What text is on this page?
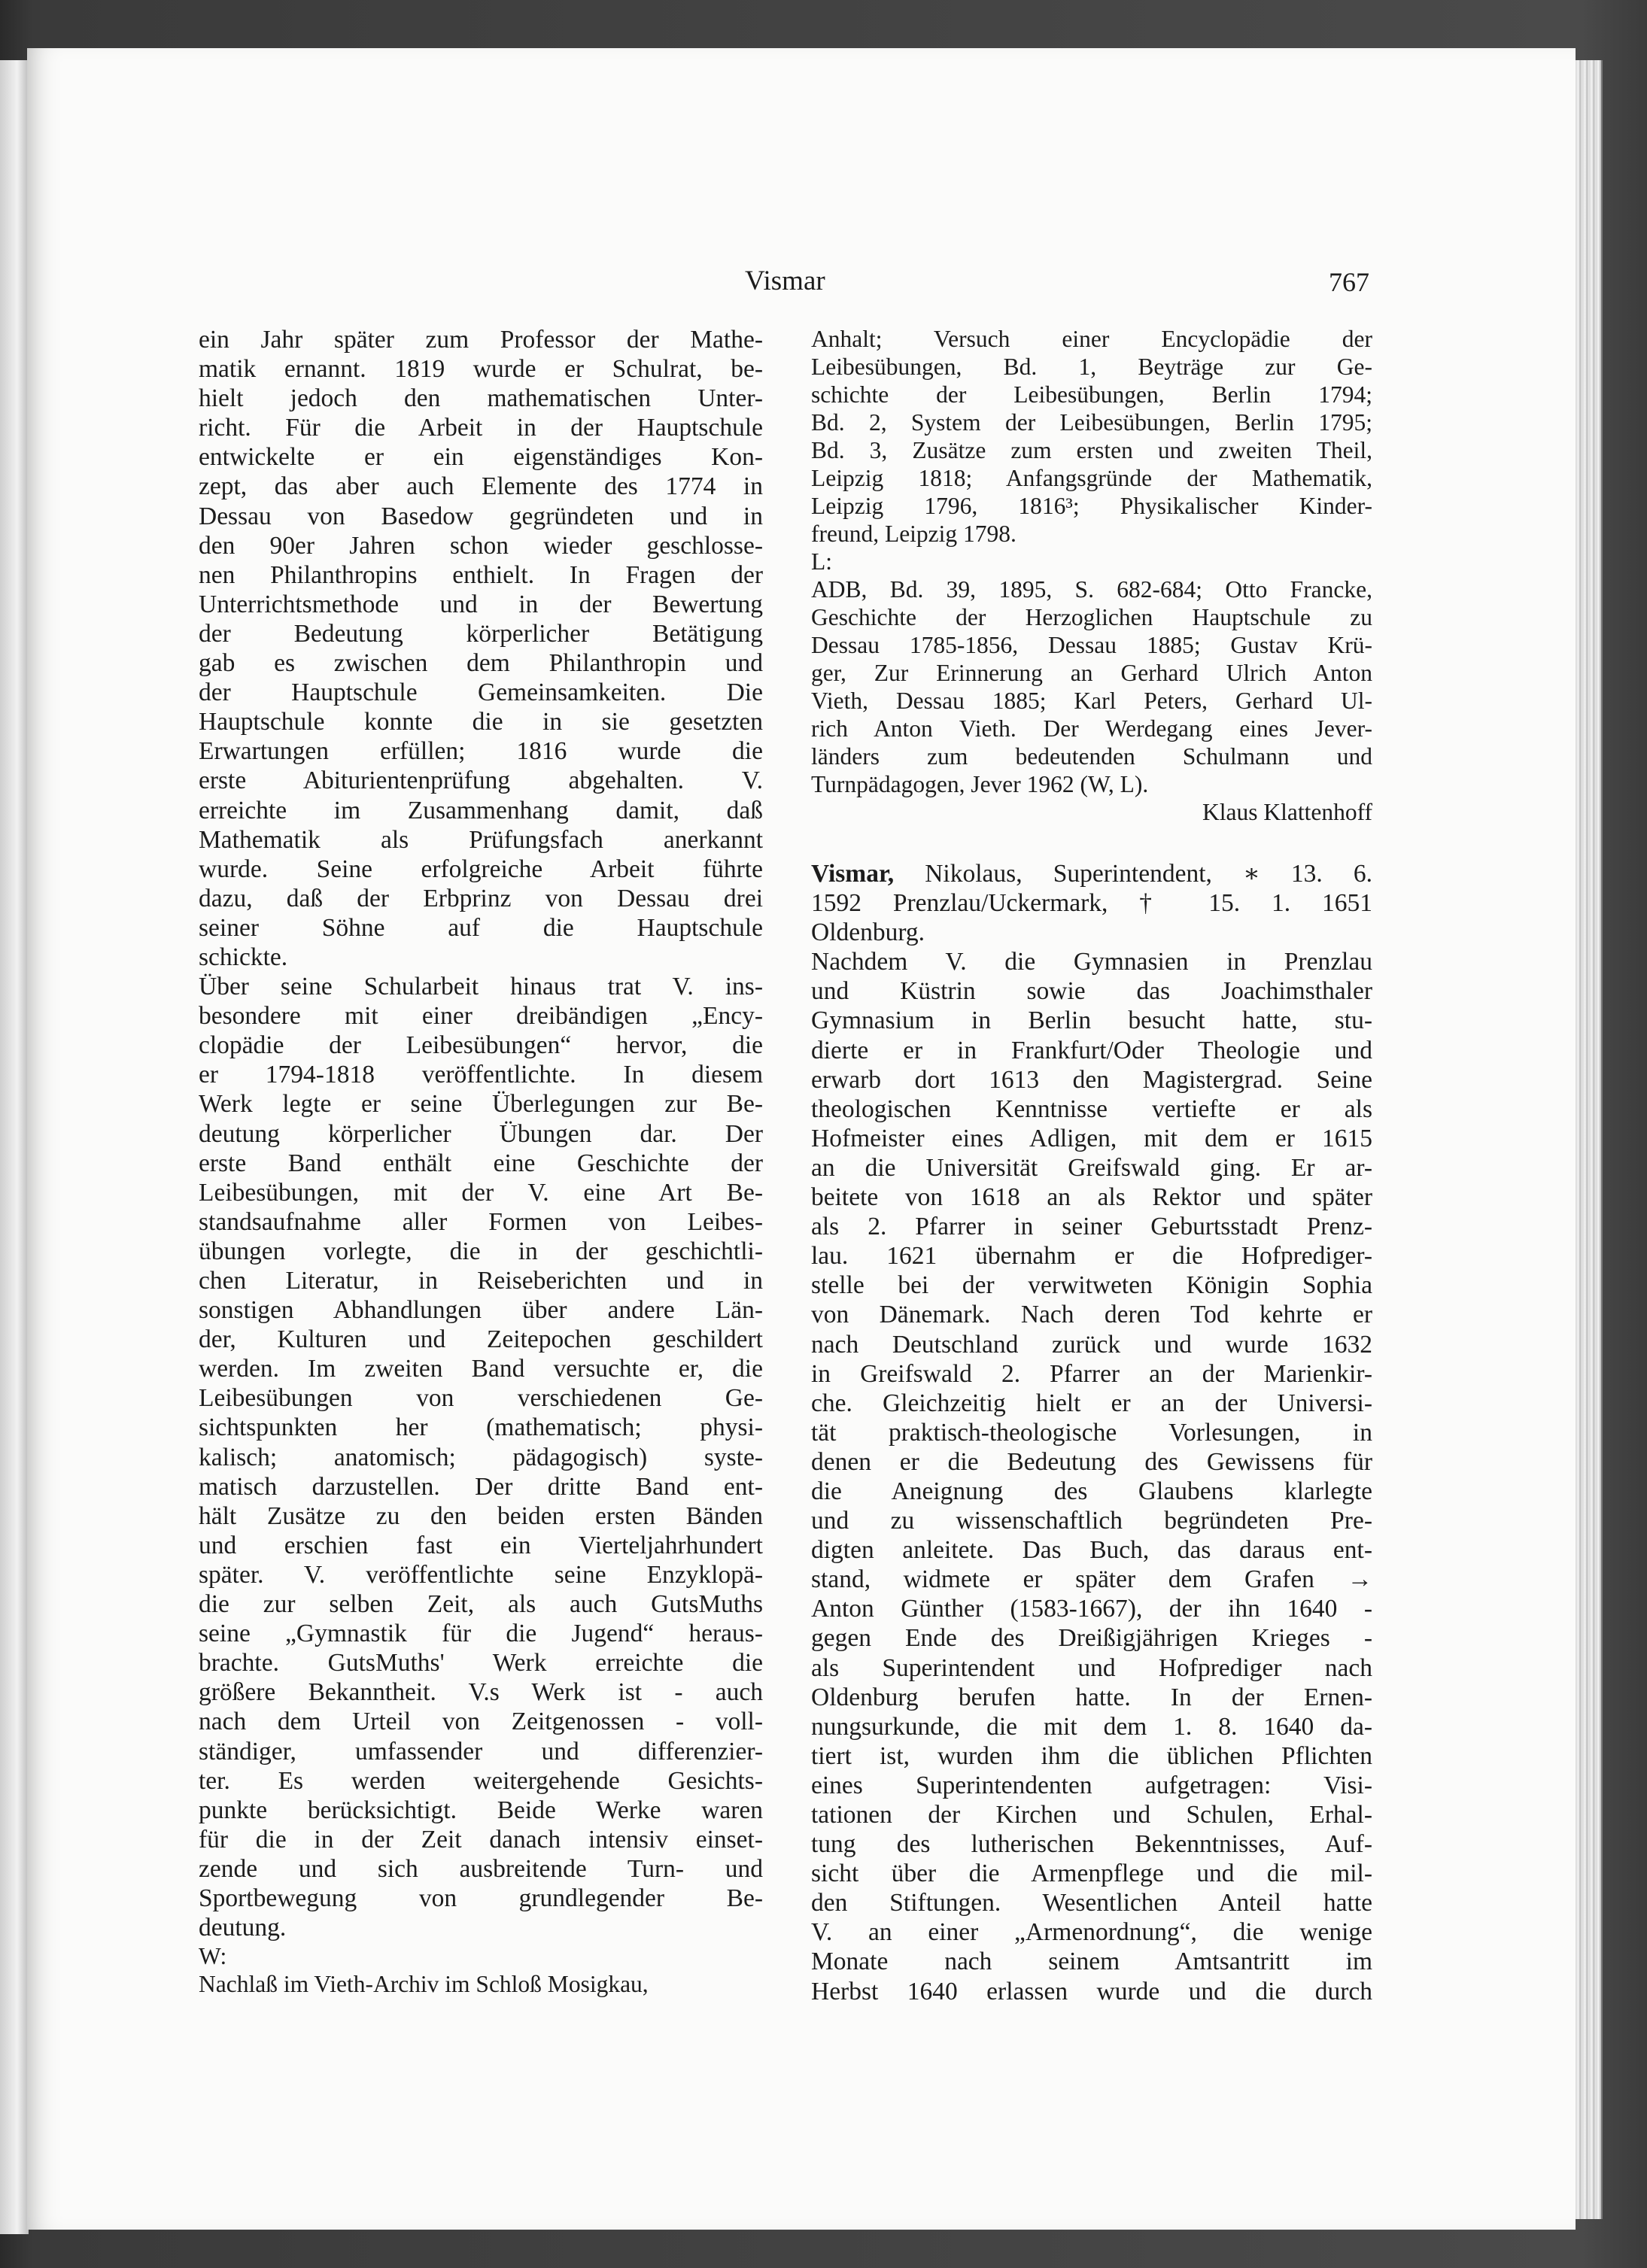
Vismar	767

ein Jahr später zum Professor der Mathe-
matik ernannt. 1819 wurde er Schulrat, be-
hielt jedoch den mathematischen Unter-
richt. Für die Arbeit in der Hauptschule
entwickelte er ein eigenständiges Kon-
zept, das aber auch Elemente des 1774 in
Dessau von Basedow gegründeten und in
den 90er Jahren schon wieder geschlosse-
nen Philanthropins enthielt. In Fragen der
Unterrichtsmethode und in der Bewertung
der Bedeutung körperlicher Betätigung
gab es zwischen dem Philanthropin und
der Hauptschule Gemeinsamkeiten. Die
Hauptschule konnte die in sie gesetzten
Erwartungen erfüllen; 1816 wurde die
erste Abiturientenprüfung abgehalten. V.
erreichte im Zusammenhang damit, daß
Mathematik als Prüfungsfach anerkannt
wurde. Seine erfolgreiche Arbeit führte
dazu, daß der Erbprinz von Dessau drei
seiner Söhne auf die Hauptschule
schickte.

Über seine Schularbeit hinaus trat V. ins-
besondere mit einer dreibändigen „Ency-
clopädie der Leibesübungen“ hervor, die
er 1794-1818 veröffentlichte. In diesem
Werk legte er seine Überlegungen zur Be-
deutung körperlicher Übungen dar. Der
erste Band enthält eine Geschichte der
Leibesübungen, mit der V. eine Art Be-
standsaufnahme aller Formen von Leibes-
übungen vorlegte, die in der geschichtli-
chen Literatur, in Reiseberichten und in
sonstigen Abhandlungen über andere Län-
der, Kulturen und Zeitepochen geschildert
werden. Im zweiten Band versuchte er, die
Leibesübungen von verschiedenen Ge-
sichtspunkten her (mathematisch; physi-
kalisch; anatomisch; pädagogisch) syste-
matisch darzustellen. Der dritte Band ent-
hält Zusätze zu den beiden ersten Bänden
und erschien fast ein Vierteljahrhundert
später. V. veröffentlichte seine Enzyklopä-
die zur selben Zeit, als auch GutsMuths
seine „Gymnastik für die Jugend“ heraus-
brachte. GutsMuths' Werk erreichte die
größere Bekanntheit. V.s Werk ist - auch
nach dem Urteil von Zeitgenossen - voll-
ständiger, umfassender und differenzier-
ter. Es werden weitergehende Gesichts-
punkte berücksichtigt. Beide Werke waren
für die in der Zeit danach intensiv einset-
zende und sich ausbreitende Turn- und
Sportbewegung von grundlegender Be-
deutung.

W:
Nachlaß im Vieth-Archiv im Schloß Mosigkau,

Anhalt; Versuch einer Encyclopädie der
Leibesübungen, Bd. 1, Beyträge zur Ge-
schichte der Leibesübungen, Berlin 1794;
Bd. 2, System der Leibesübungen, Berlin 1795;
Bd. 3, Zusätze zum ersten und zweiten Theil,
Leipzig 1818; Anfangsgründe der Mathematik,
Leipzig 1796, 1816³; Physikalischer Kinder-
freund, Leipzig 1798.

L:

ADB, Bd. 39, 1895, S. 682-684; Otto Francke,
Geschichte der Herzoglichen Hauptschule zu
Dessau 1785-1856, Dessau 1885; Gustav Krü-
ger, Zur Erinnerung an Gerhard Ulrich Anton
Vieth, Dessau 1885; Karl Peters, Gerhard Ul-
rich Anton Vieth. Der Werdegang eines Jever-
länders zum bedeutenden Schulmann und
Turnpädagogen, Jever 1962 (W, L).

Klaus Klattenhoff

Vismar, Nikolaus, Superintendent, ∗ 13. 6.
1592 Prenzlau/Uckermark, † 15. 1. 1651
Oldenburg.

Nachdem V. die Gymnasien in Prenzlau
und Küstrin sowie das Joachimsthaler
Gymnasium in Berlin besucht hatte, stu-
dierte er in Frankfurt/Oder Theologie und
erwarb dort 1613 den Magistergrad. Seine
theologischen Kenntnisse vertiefte er als
Hofmeister eines Adligen, mit dem er 1615
an die Universität Greifswald ging. Er ar-
beitete von 1618 an als Rektor und später
als 2. Pfarrer in seiner Geburtsstadt Prenz-
lau. 1621 übernahm er die Hofprediger-
stelle bei der verwitweten Königin Sophia
von Dänemark. Nach deren Tod kehrte er
nach Deutschland zurück und wurde 1632
in Greifswald 2. Pfarrer an der Marienkir-
che. Gleichzeitig hielt er an der Universi-
tät praktisch-theologische Vorlesungen, in
denen er die Bedeutung des Gewissens für
die Aneignung des Glaubens klarlegte
und zu wissenschaftlich begründeten Pre-
digten anleitete. Das Buch, das daraus ent-
stand, widmete er später dem Grafen →
Anton Günther (1583-1667), der ihn 1640 -
gegen Ende des Dreißigjährigen Krieges -
als Superintendent und Hofprediger nach
Oldenburg berufen hatte. In der Ernen-
nungsurkunde, die mit dem 1. 8. 1640 da-
tiert ist, wurden ihm die üblichen Pflichten
eines Superintendenten aufgetragen: Visi-
tationen der Kirchen und Schulen, Erhal-
tung des lutherischen Bekenntnisses, Auf-
sicht über die Armenpflege und die mil-
den Stiftungen. Wesentlichen Anteil hatte
V. an einer „Armenordnung“, die wenige
Monate nach seinem Amtsantritt im
Herbst 1640 erlassen wurde und die durch
